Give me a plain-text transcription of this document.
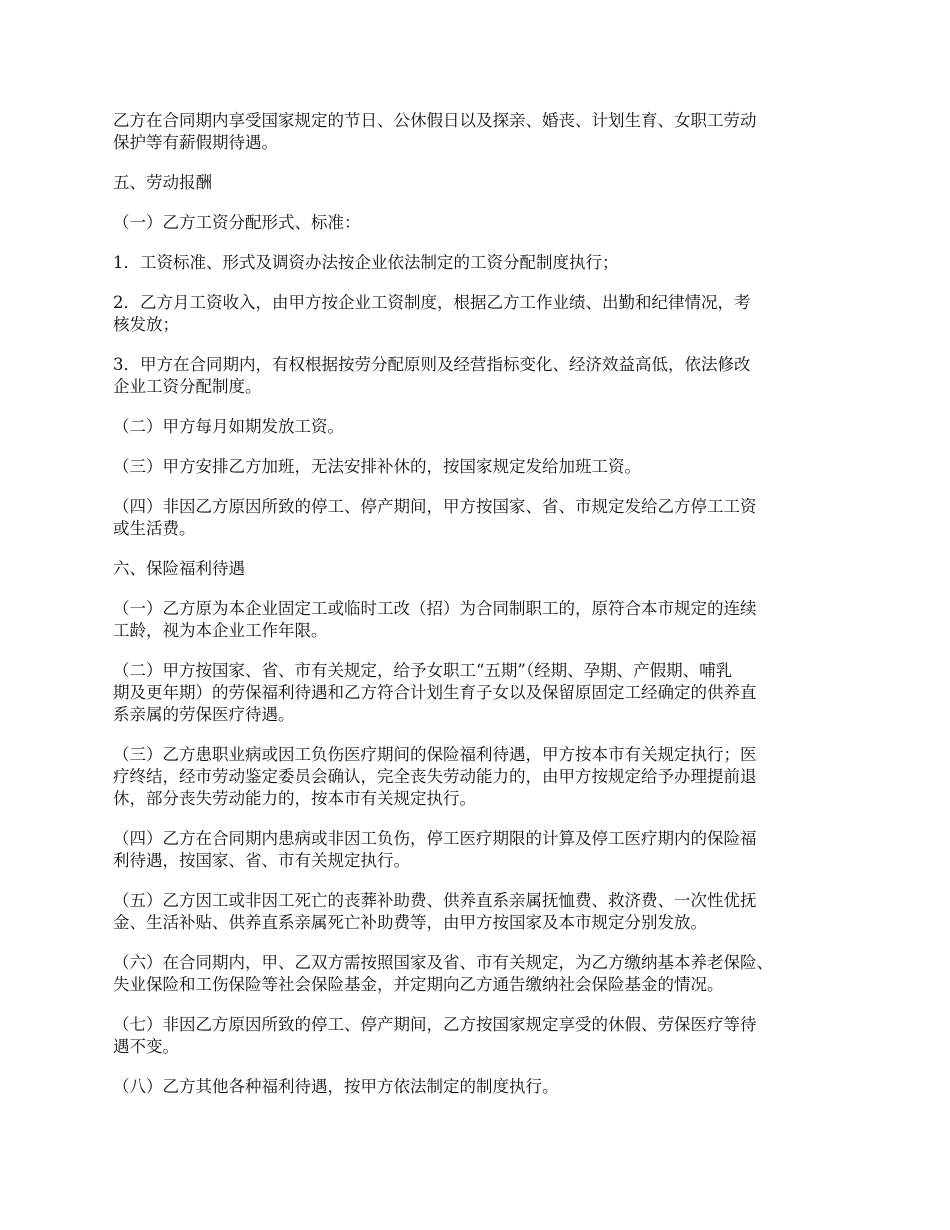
乙方在合同期内享受国家规定的节日、公休假日以及探亲、婚丧、计划生育、女职工劳动
保护等有薪假期待遇。

五、劳动报酬

（一）乙方工资分配形式、标准：

1．工资标准、形式及调资办法按企业依法制定的工资分配制度执行；

2．乙方月工资收入，由甲方按企业工资制度，根据乙方工作业绩、出勤和纪律情况，考
核发放；

3．甲方在合同期内，有权根据按劳分配原则及经营指标变化、经济效益高低，依法修改
企业工资分配制度。

（二）甲方每月如期发放工资。

（三）甲方安排乙方加班，无法安排补休的，按国家规定发给加班工资。

（四）非因乙方原因所致的停工、停产期间，甲方按国家、省、市规定发给乙方停工工资
或生活费。

六、保险福利待遇

（一）乙方原为本企业固定工或临时工改（招）为合同制职工的，原符合本市规定的连续
工龄，视为本企业工作年限。

（二）甲方按国家、省、市有关规定，给予女职工“五期”（经期、孕期、产假期、哺乳
期及更年期）的劳保福利待遇和乙方符合计划生育子女以及保留原固定工经确定的供养直
系亲属的劳保医疗待遇。

（三）乙方患职业病或因工负伤医疗期间的保险福利待遇，甲方按本市有关规定执行；医
疗终结，经市劳动鉴定委员会确认，完全丧失劳动能力的，由甲方按规定给予办理提前退
休，部分丧失劳动能力的，按本市有关规定执行。

（四）乙方在合同期内患病或非因工负伤，停工医疗期限的计算及停工医疗期内的保险福
利待遇，按国家、省、市有关规定执行。

（五）乙方因工或非因工死亡的丧葬补助费、供养直系亲属抚恤费、救济费、一次性优抚
金、生活补贴、供养直系亲属死亡补助费等，由甲方按国家及本市规定分别发放。

（六）在合同期内，甲、乙双方需按照国家及省、市有关规定，为乙方缴纳基本养老保险、
失业保险和工伤保险等社会保险基金，并定期向乙方通告缴纳社会保险基金的情况。

（七）非因乙方原因所致的停工、停产期间，乙方按国家规定享受的休假、劳保医疗等待
遇不变。

（八）乙方其他各种福利待遇，按甲方依法制定的制度执行。
